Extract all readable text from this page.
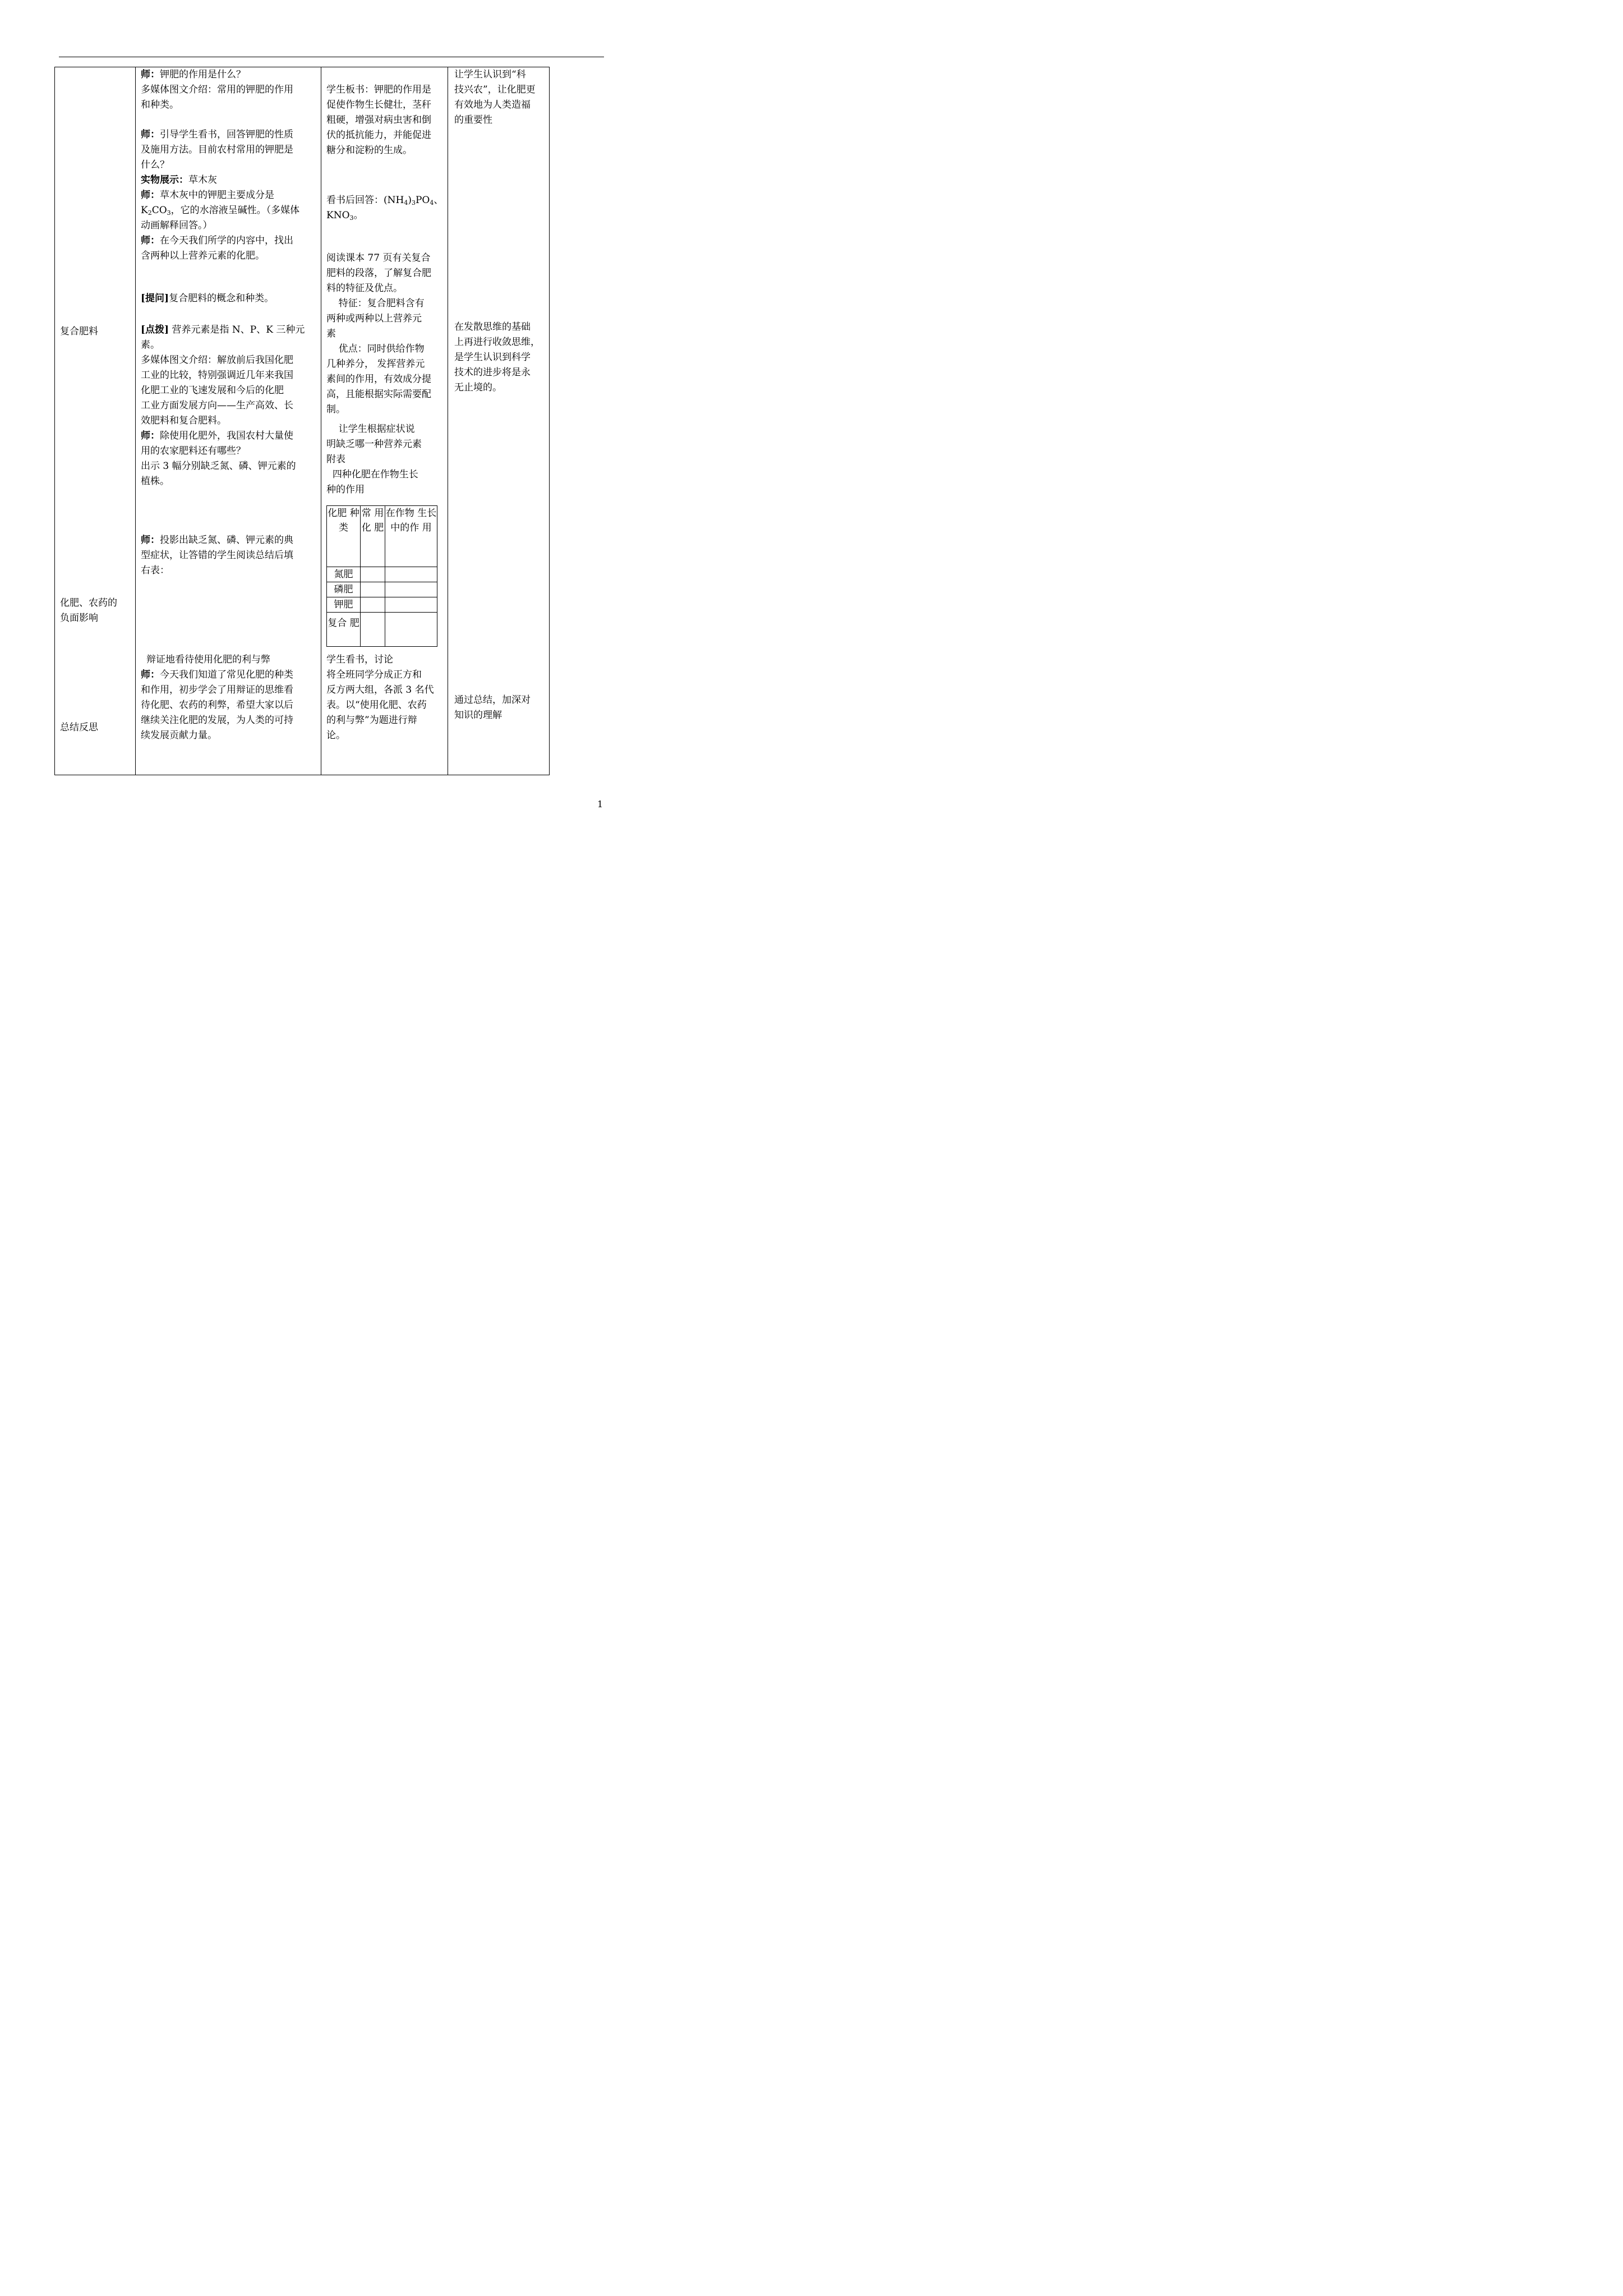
复合肥料
化肥、农药的
负面影响
总结反思
师：钾肥的作用是什么？
多媒体图文介绍：常用的钾肥的作用
和种类。
师：引导学生看书，回答钾肥的性质
及施用方法。目前农村常用的钾肥是
什么？
实物展示：草木灰
师：草木灰中的钾肥主要成分是
$K_2CO_3$，它的水溶液呈碱性。（多媒体
动画解释回答。）
师：在今天我们所学的内容中，找出
含两种以上营养元素的化肥。
[提问]复合肥料的概念和种类。
[点拨] 营养元素是指 N、P、K 三种元
素。
多媒体图文介绍：解放前后我国化肥
工业的比较，特别强调近几年来我国
化肥工业的飞速发展和今后的化肥
工业方面发展方向——生产高效、长
效肥料和复合肥料。
师：除使用化肥外，我国农村大量使
用的农家肥料还有哪些？
出示 3 幅分别缺乏氮、磷、钾元素的
植株。
师：投影出缺乏氮、磷、钾元素的典
型症状，让答错的学生阅读总结后填
右表：
辩证地看待使用化肥的利与弊
师：今天我们知道了常见化肥的种类
和作用，初步学会了用辩证的思维看
待化肥、农药的利弊，希望大家以后
继续关注化肥的发展，为人类的可持
续发展贡献力量。
学生板书：钾肥的作用是
促使作物生长健壮，茎秆
粗硬，增强对病虫害和倒
伏的抵抗能力，并能促进
糖分和淀粉的生成。
看书后回答：$(NH_4)_3PO_4$、
$KNO_3$。
阅读课本 77 页有关复合
肥料的段落，了解复合肥
料的特征及优点。
特征：复合肥料含有
两种或两种以上营养元
素
优点：同时供给作物
几种养分， 发挥营养元
素间的作用，有效成分提
高，且能根据实际需要配
制。
让学生根据症状说
明缺乏哪一种营养元素
附表
四种化肥在作物生长
种的作用
化肥 种类
常 用 化 肥
在作物 生长 中的作 用
氮肥
磷肥
钾肥
复合 肥
学生看书，讨论
将全班同学分成正方和
反方两大组，各派 3 名代
表。以“使用化肥、农药
的利与弊”为题进行辩
论。
让学生认识到“科
技兴农”，让化肥更
有效地为人类造福
的重要性
在发散思维的基础
上再进行收敛思维，
是学生认识到科学
技术的进步将是永
无止境的。
通过总结，加深对
知识的理解
1
